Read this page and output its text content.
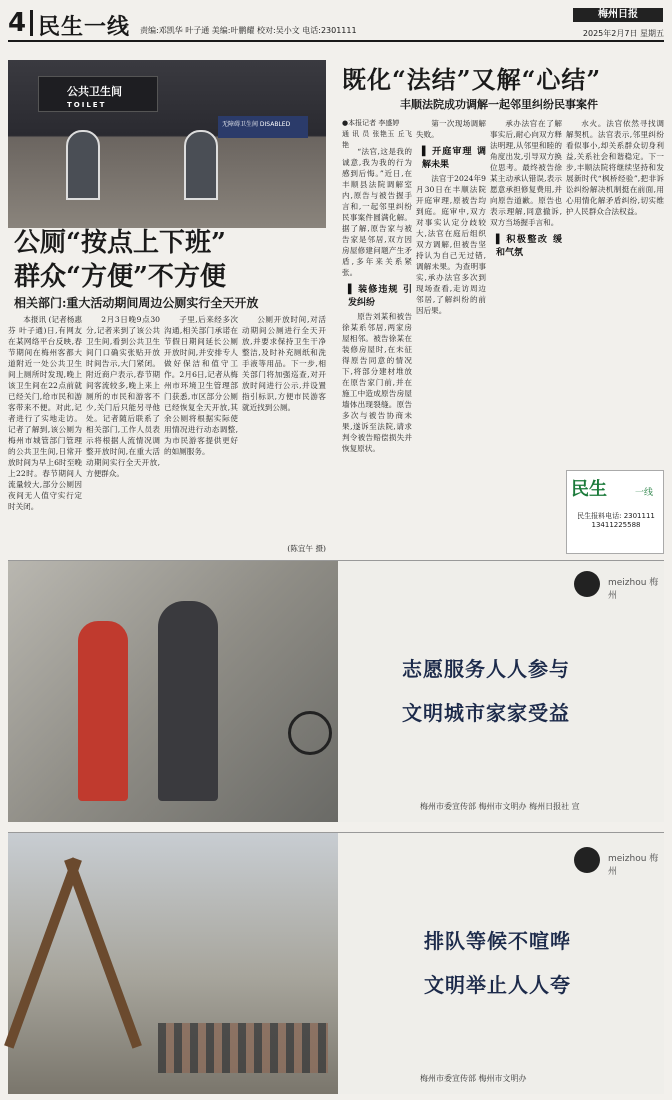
4 民生一线 责编:邓凯华 叶子通 美编:叶鹏耀 校对:吴小文 电话:2301111
梅州日报
2025年2月7日 星期五
公共卫生间
TOILET
无障碍卫生间 DISABLED
公厕“按点上下班”
群众“方便”不方便
相关部门:重大活动期间周边公厕实行全天开放

本报讯 (记者杨惠芬 叶子通)日,有网友在某网络平台反映,春节期间在梅州客都大道附近一处公共卫生间上厕所时发现,晚上该卫生间在22点前就已经关门,给市民和游客带来不便。对此,记者进行了实地走访。记者了解到,该公厕为梅州市城管部门管理的公共卫生间,日常开放时间为早上6时至晚上22时。春节期间人流量较大,部分公厕因夜间无人值守实行定时关闭。

2月3日晚9点30分,记者来到了该公共卫生间,看到公共卫生间门口确实张贴开放时间告示,大门紧闭。附近商户表示,春节期间客流较多,晚上来上厕所的市民和游客不少,关门后只能另寻他处。记者随后联系了相关部门,工作人员表示将根据人流情况调整开放时间,在重大活动期间实行全天开放,方便群众。

子里,后来经多次沟通,相关部门承诺在节假日期间延长公厕开放时间,并安排专人做好保洁和值守工作。2月6日,记者从梅州市环境卫生管理部门获悉,市区部分公厕已经恢复全天开放,其余公厕将根据实际使用情况进行动态调整,为市民游客提供更好的如厕服务。

公厕开放时间,对活动期间公厕进行全天开放,并要求保持卫生干净整洁,及时补充厕纸和洗手液等用品。下一步,相关部门将加强巡查,对开放时间进行公示,并设置指引标识,方便市民游客就近找到公厕。

(陈宜午 摄)
既化“法结”又解“心结”
丰顺法院成功调解一起邻里纠纷民事案件
●本报记者 李盛婷
通 讯 员 张艳玉 丘飞艳

“法官,这是我的诚意,我为我的行为感到后悔。”近日,在丰顺县法院调解室内,原告与被告握手言和,一起邻里纠纷民事案件圆满化解。据了解,原告家与被告家是邻居,双方因房屋修建问题产生矛盾,多年来关系紧张。

▌ 装修违规 引发纠纷

原告刘某和被告徐某系邻居,两家房屋相邻。被告徐某在装修房屋时,在未征得原告同意的情况下,将部分建材堆放在原告家门前,并在施工中造成原告房屋墙体出现裂缝。原告多次与被告协商未果,遂诉至法院,请求判令被告赔偿损失并恢复原状。

第一次现场调解失败。

▌ 开庭审理 调解未果

法官于2024年9月30日在丰顺法院开庭审理,原被告均到庭。庭审中,双方对事实认定分歧较大,法官在庭后组织双方调解,但被告坚持认为自己无过错,调解未果。为查明事实,承办法官多次到现场查看,走访周边邻居,了解纠纷的前因后果。

承办法官在了解事实后,耐心向双方释法明理,从邻里和睦的角度出发,引导双方换位思考。最终被告徐某主动承认错误,表示愿意承担修复费用,并向原告道歉。原告也表示理解,同意撤诉,双方当场握手言和。

▌ 积极整改 缓和气氛

水火。法官依然寻找调解契机。法官表示,邻里纠纷看似事小,却关系群众切身利益,关系社会和谐稳定。下一步,丰顺法院将继续坚持和发展新时代“枫桥经验”,把非诉讼纠纷解决机制挺在前面,用心用情化解矛盾纠纷,切实维护人民群众合法权益。

民生	一线
民生报料电话: 2301111 13411225588
meizhou 梅州
志愿服务人人参与
文明城市家家受益
梅州市委宣传部 梅州市文明办 梅州日报社 宣
meizhou 梅州
排队等候不喧哗
文明举止人人夸
梅州市委宣传部 梅州市文明办
